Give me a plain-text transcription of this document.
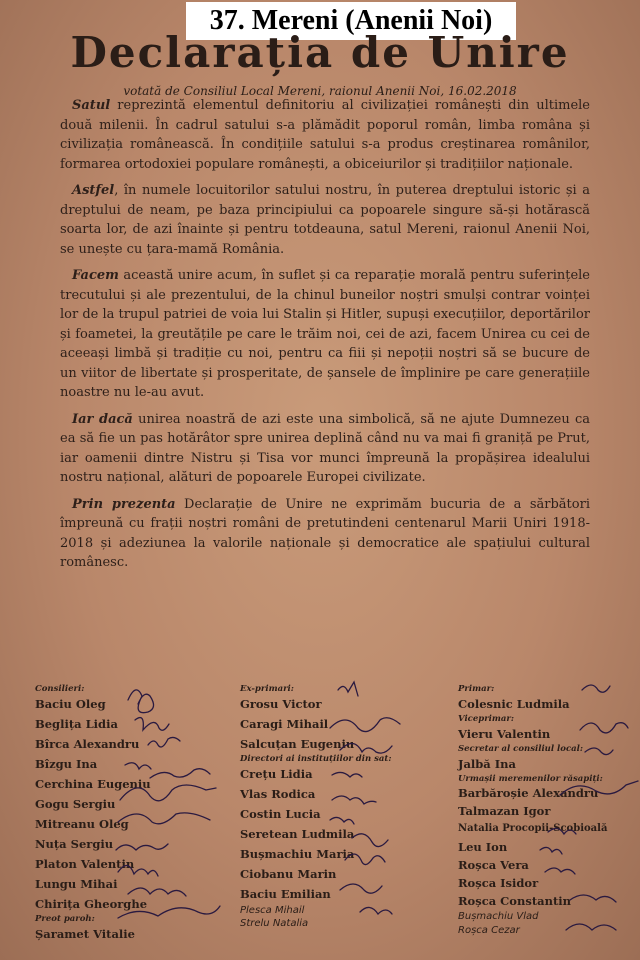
37. Mereni (Anenii Noi)
Declarația de Unire
votată de Consiliul Local Mereni, raionul Anenii Noi, 16.02.2018

Satul reprezintă elementul definitoriu al civilizației românești din ultimele două milenii. În cadrul satului s-a plămădit poporul român, limba româna și civilizația românească. În condițiile satului s-a produs creștinarea românilor, formarea ortodoxiei populare românești, a obiceiurilor și tradițiilor naționale.

Astfel, în numele locuitorilor satului nostru, în puterea dreptului istoric și a dreptului de neam, pe baza principiului ca popoarele singure să-și hotărască soarta lor, de azi înainte și pentru totdeauna, satul Mereni, raionul Anenii Noi, se unește cu țara-mamă România.

Facem această unire acum, în suflet și ca reparație morală pentru suferințele trecutului și ale prezentului, de la chinul buneilor noștri smulși contrar voinței lor de la trupul patriei de voia lui Stalin și Hitler, supuși execuțiilor, deportărilor și foametei, la greutățile pe care le trăim noi, cei de azi, facem Unirea cu cei de aceeași limbă și tradiție cu noi, pentru ca fiii și nepoții noștri să se bucure de un viitor de libertate și prosperitate, de șansele de împlinire pe care generațiile noastre nu le-au avut.

Iar dacă unirea noastră de azi este una simbolică, să ne ajute Dumnezeu ca ea să fie un pas hotărâtor spre unirea deplină când nu va mai fi graniță pe Prut, iar oamenii dintre Nistru și Tisa vor munci împreună la propășirea idealului nostru național, alături de popoarele Europei civilizate.

Prin prezenta Declarație de Unire ne exprimăm bucuria de a sărbători împreună cu frații noștri români de pretutindeni centenarul Marii Uniri 1918-2018 și adeziunea la valorile naționale și democratice ale spațiului cultural românesc.

Consilieri:
Baciu Oleg
Beglița Lidia
Bîrca Alexandru
Bîzgu Ina
Cerchina Eugeniu
Gogu Sergiu
Mitreanu Oleg
Nuța Sergiu
Platon Valentin
Lungu Mihai
Chirița Gheorghe
Preot paroh:
Șaramet Vitalie
Ex-primari:
Grosu Victor
Caragi Mihail
Salcuțan Eugeniu
Directori ai instituțiilor din sat:
Crețu Lidia
Vlas Rodica
Costin Lucia
Seretean Ludmila
Bușmachiu Maria
Ciobanu Marin
Baciu Emilian
Plesca Mihail
Strelu Natalia
Primar:
Colesnic Ludmila
Viceprimar:
Vieru Valentin
Secretar al consiliul local:
Jalbă Ina
Urmașii meremenilor răsapiți:
Barbăroșie Alexandru
Talmazan Igor
Natalia Procopii-Scobioală
Leu Ion
Roșca Vera
Roșca Isidor
Roșca Constantin
Bușmachiu Vlad
Roșca Cezar
